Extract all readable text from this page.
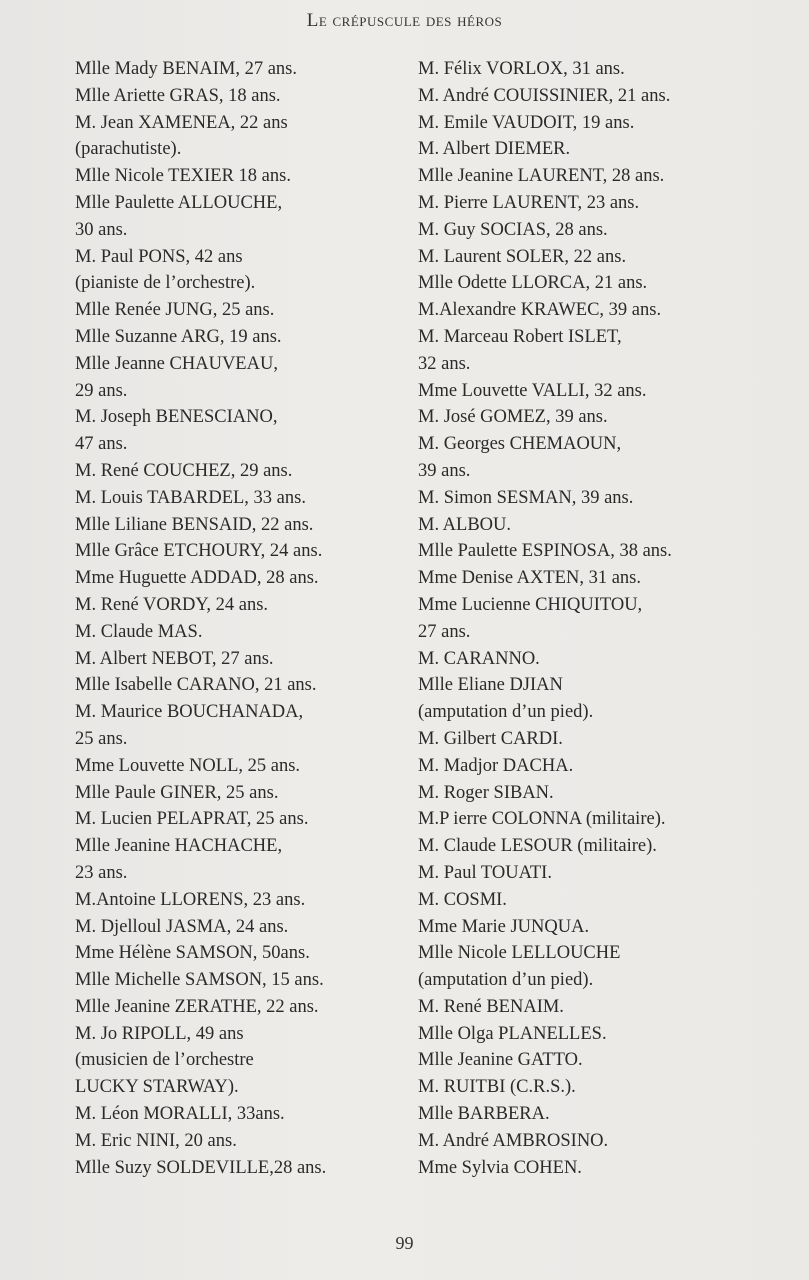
Le crépuscule des héros
Mlle Mady BENAIM, 27 ans.
Mlle Ariette GRAS, 18 ans.
M. Jean XAMENEA, 22 ans
(parachutiste).
Mlle Nicole TEXIER 18 ans.
Mlle Paulette ALLOUCHE,
30 ans.
M. Paul PONS, 42 ans
(pianiste de l’orchestre).
Mlle Renée JUNG, 25 ans.
Mlle Suzanne ARG, 19 ans.
Mlle Jeanne CHAUVEAU,
29 ans.
M. Joseph BENESCIANO,
47 ans.
M. René COUCHEZ, 29 ans.
M. Louis TABARDEL, 33 ans.
Mlle Liliane BENSAID, 22 ans.
Mlle Grâce ETCHOURY, 24 ans.
Mme Huguette ADDAD, 28 ans.
M. René VORDY, 24 ans.
M. Claude MAS.
M. Albert NEBOT, 27 ans.
Mlle Isabelle CARANO, 21 ans.
M. Maurice BOUCHANADA,
25 ans.
Mme Louvette NOLL, 25 ans.
Mlle Paule GINER, 25 ans.
M. Lucien PELAPRAT, 25 ans.
Mlle Jeanine HACHACHE,
23 ans.
M.Antoine LLORENS, 23 ans.
M. Djelloul JASMA, 24 ans.
Mme Hélène SAMSON, 50ans.
Mlle Michelle SAMSON, 15 ans.
Mlle Jeanine ZERATHE, 22 ans.
M. Jo RIPOLL, 49 ans
(musicien de l’orchestre
LUCKY STARWAY).
M. Léon MORALLI, 33ans.
M. Eric NINI, 20 ans.
Mlle Suzy SOLDEVILLE,28 ans.
M. Félix VORLOX, 31 ans.
M. André COUISSINIER, 21 ans.
M. Emile VAUDOIT, 19 ans.
M. Albert DIEMER.
Mlle Jeanine LAURENT, 28 ans.
M. Pierre LAURENT, 23 ans.
M. Guy SOCIAS, 28 ans.
M. Laurent SOLER, 22 ans.
Mlle Odette LLORCA, 21 ans.
M.Alexandre KRAWEC, 39 ans.
M. Marceau Robert ISLET,
32 ans.
Mme Louvette VALLI, 32 ans.
M. José GOMEZ, 39 ans.
M. Georges CHEMAOUN,
39 ans.
M. Simon SESMAN, 39 ans.
M. ALBOU.
Mlle Paulette ESPINOSA, 38 ans.
Mme Denise AXTEN, 31 ans.
Mme Lucienne CHIQUITOU,
27 ans.
M. CARANNO.
Mlle Eliane DJIAN
(amputation d’un pied).
M. Gilbert CARDI.
M. Madjor DACHA.
M. Roger SIBAN.
M.P ierre COLONNA (militaire).
M. Claude LESOUR (militaire).
M. Paul TOUATI.
M. COSMI.
Mme Marie JUNQUA.
Mlle Nicole LELLOUCHE
(amputation d’un pied).
M. René BENAIM.
Mlle Olga PLANELLES.
Mlle Jeanine GATTO.
M. RUITBI (C.R.S.).
Mlle BARBERA.
M. André AMBROSINO.
Mme Sylvia COHEN.
99
